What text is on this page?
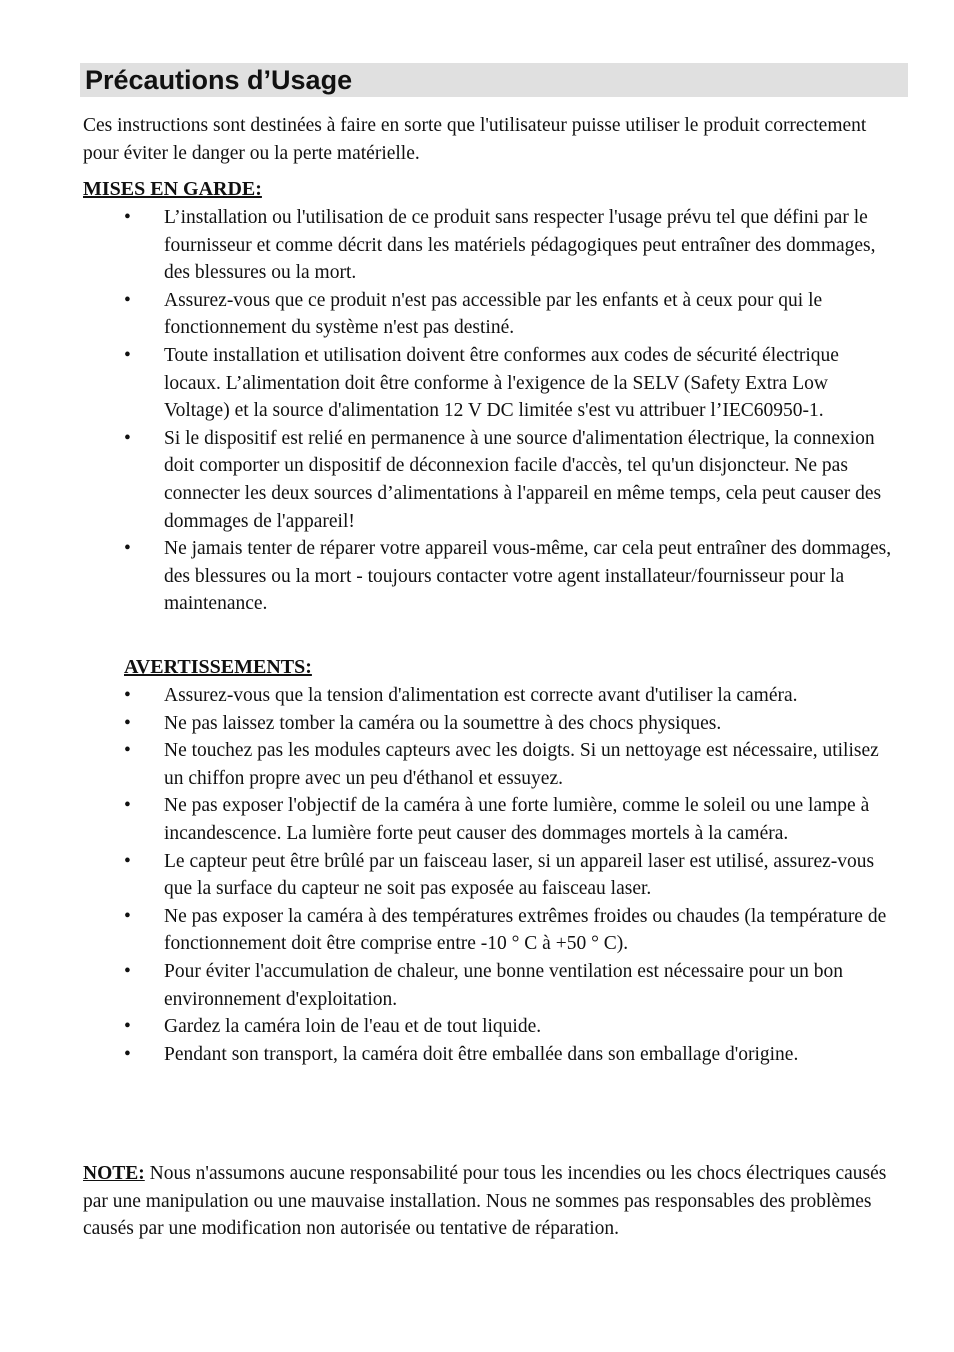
Précautions d’Usage

Ces instructions sont destinées à faire en sorte que l'utilisateur puisse utiliser le produit correctement pour éviter le danger ou la perte matérielle.

MISES EN GARDE:
• L’installation ou l'utilisation de ce produit sans respecter l'usage prévu tel que défini par le fournisseur et comme décrit dans les matériels pédagogiques peut entraîner des dommages, des blessures ou la mort.
• Assurez-vous que ce produit n'est pas accessible par les enfants et à ceux pour qui le fonctionnement du système n'est pas destiné.
• Toute installation et utilisation doivent être conformes aux codes de sécurité électrique locaux. L’alimentation doit être conforme à l'exigence de la SELV (Safety Extra Low Voltage) et la source d'alimentation 12 V DC limitée s'est vu attribuer l’IEC60950-1.
• Si le dispositif est relié en permanence à une source d'alimentation électrique, la connexion doit comporter un dispositif de déconnexion facile d'accès, tel qu'un disjoncteur. Ne pas connecter les deux sources d’alimentations à l'appareil en même temps, cela peut causer des dommages de l'appareil!
• Ne jamais tenter de réparer votre appareil vous-même, car cela peut entraîner des dommages, des blessures ou la mort - toujours contacter votre agent installateur/fournisseur pour la maintenance.
AVERTISSEMENTS:
• Assurez-vous que la tension d'alimentation est correcte avant d'utiliser la caméra.
• Ne pas laissez tomber la caméra ou la soumettre à des chocs physiques.
• Ne touchez pas les modules capteurs avec les doigts. Si un nettoyage est nécessaire, utilisez un chiffon propre avec un peu d'éthanol et essuyez.
• Ne pas exposer l'objectif de la caméra à une forte lumière, comme le soleil ou une lampe à incandescence. La lumière forte peut causer des dommages mortels à la caméra.
• Le capteur peut être brûlé par un faisceau laser, si un appareil laser est utilisé, assurez-vous que la surface du capteur ne soit pas exposée au faisceau laser.
• Ne pas exposer la caméra à des températures extrêmes froides ou chaudes (la température de fonctionnement doit être comprise entre -10 ° C à +50 ° C).
• Pour éviter l'accumulation de chaleur, une bonne ventilation est nécessaire pour un bon environnement d'exploitation.
• Gardez la caméra loin de l'eau et de tout liquide.
• Pendant son transport, la caméra doit être emballée dans son emballage d'origine.

NOTE: Nous n'assumons aucune responsabilité pour tous les incendies ou les chocs électriques causés par une manipulation ou une mauvaise installation. Nous ne sommes pas responsables des problèmes causés par une modification non autorisée ou tentative de réparation.
